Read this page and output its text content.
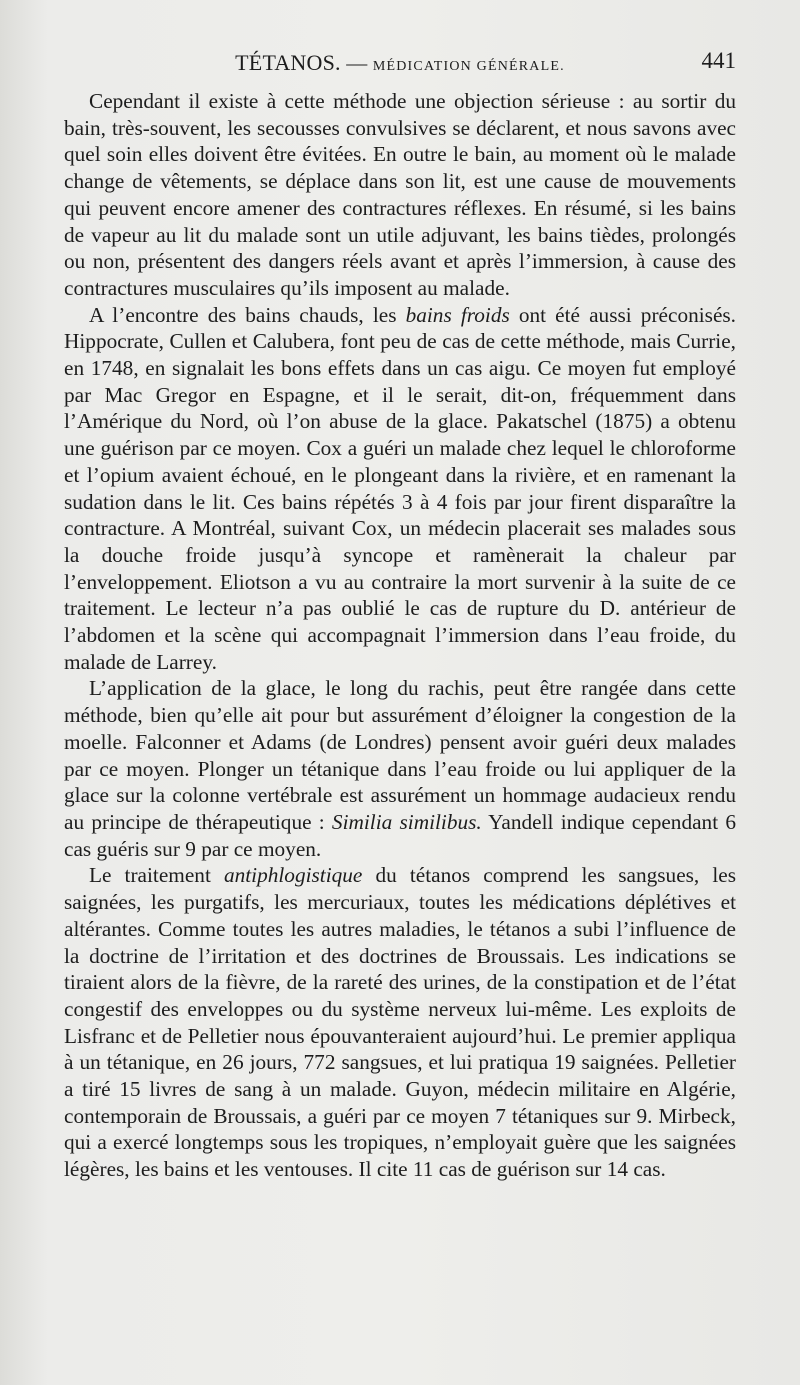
TÉTANOS. — MÉDICATION GÉNÉRALE.	441

Cependant il existe à cette méthode une objection sérieuse : au sortir du bain, très-souvent, les secousses convulsives se déclarent, et nous savons avec quel soin elles doivent être évitées. En outre le bain, au moment où le malade change de vêtements, se déplace dans son lit, est une cause de mouvements qui peuvent encore amener des contractures réflexes. En résumé, si les bains de vapeur au lit du malade sont un utile adjuvant, les bains tièdes, prolongés ou non, présentent des dangers réels avant et après l’immersion, à cause des contractures musculaires qu’ils imposent au malade.

A l’encontre des bains chauds, les bains froids ont été aussi préconisés. Hippocrate, Cullen et Calubera, font peu de cas de cette méthode, mais Currie, en 1748, en signalait les bons effets dans un cas aigu. Ce moyen fut employé par Mac Gregor en Espagne, et il le serait, dit-on, fréquemment dans l’Amérique du Nord, où l’on abuse de la glace. Pakatschel (1875) a obtenu une guérison par ce moyen. Cox a guéri un malade chez lequel le chloroforme et l’opium avaient échoué, en le plongeant dans la rivière, et en ramenant la sudation dans le lit. Ces bains répétés 3 à 4 fois par jour firent disparaître la contracture. A Montréal, suivant Cox, un médecin placerait ses malades sous la douche froide jusqu’à syncope et ramènerait la chaleur par l’enveloppement. Eliotson a vu au contraire la mort survenir à la suite de ce traitement. Le lecteur n’a pas oublié le cas de rupture du D. antérieur de l’abdomen et la scène qui accompagnait l’immersion dans l’eau froide, du malade de Larrey.

L’application de la glace, le long du rachis, peut être rangée dans cette méthode, bien qu’elle ait pour but assurément d’éloigner la congestion de la moelle. Falconner et Adams (de Londres) pensent avoir guéri deux malades par ce moyen. Plonger un tétanique dans l’eau froide ou lui appliquer de la glace sur la colonne vertébrale est assurément un hommage audacieux rendu au principe de thérapeutique : Similia similibus. Yandell indique cependant 6 cas guéris sur 9 par ce moyen.

Le traitement antiphlogistique du tétanos comprend les sangsues, les saignées, les purgatifs, les mercuriaux, toutes les médications déplétives et altérantes. Comme toutes les autres maladies, le tétanos a subi l’influence de la doctrine de l’irritation et des doctrines de Broussais. Les indications se tiraient alors de la fièvre, de la rareté des urines, de la constipation et de l’état congestif des enveloppes ou du système nerveux lui-même. Les exploits de Lisfranc et de Pelletier nous épouvanteraient aujourd’hui. Le premier appliqua à un tétanique, en 26 jours, 772 sangsues, et lui pratiqua 19 saignées. Pelletier a tiré 15 livres de sang à un malade. Guyon, médecin militaire en Algérie, contemporain de Broussais, a guéri par ce moyen 7 tétaniques sur 9. Mirbeck, qui a exercé longtemps sous les tropiques, n’employait guère que les saignées légères, les bains et les ventouses. Il cite 11 cas de guérison sur 14 cas.
